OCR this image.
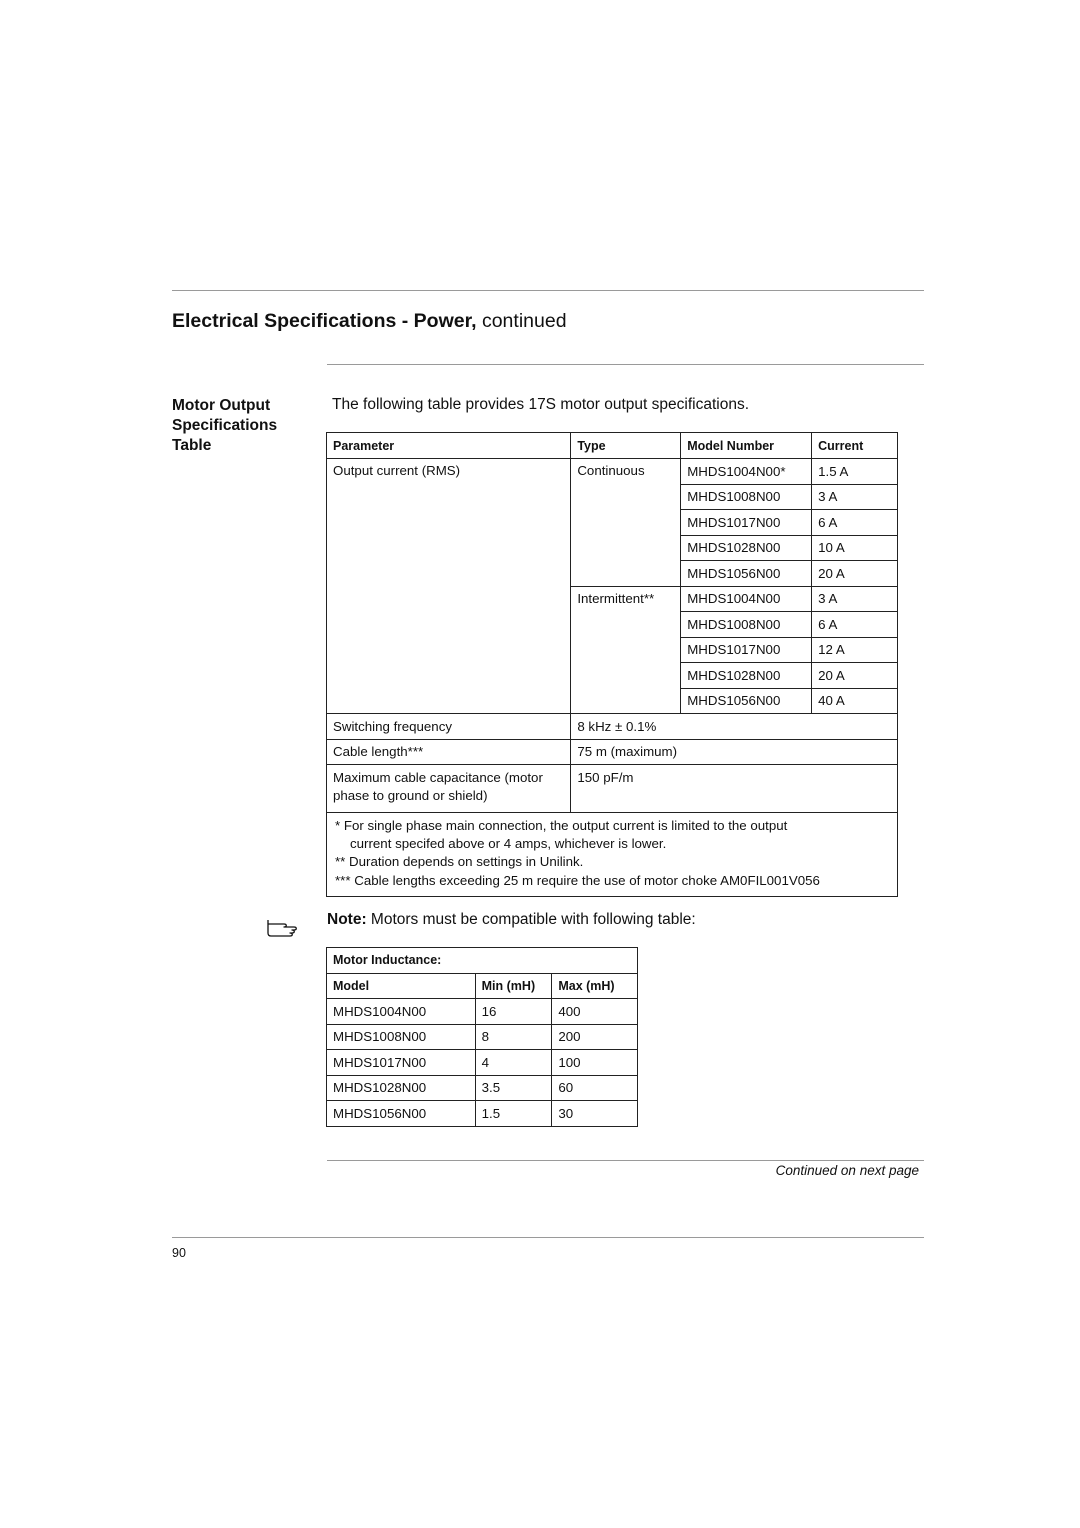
Electrical Specifications - Power, continued
Motor Output
Specifications
Table
The following table provides 17S motor output specifications.
Parameter	Type	Model Number	Current
Output current (RMS)	Continuous	MHDS1004N00*	1.5 A
		MHDS1008N00	3 A
		MHDS1017N00	6 A
		MHDS1028N00	10 A
		MHDS1056N00	20 A
	Intermittent**	MHDS1004N00	3 A
		MHDS1008N00	6 A
		MHDS1017N00	12 A
		MHDS1028N00	20 A
		MHDS1056N00	40 A
Switching frequency	8 kHz ± 0.1%		
Cable length***	75 m (maximum)		

Maximum cable capacitance (motor
phase to ground or shield)	150 pF/m		

* For single phase main connection, the output current is limited to the output
current specifed above or 4 amps, whichever is lower.
** Duration depends on settings in Unilink.
*** Cable lengths exceeding 25 m require the use of motor choke AM0FIL001V056			
Note: Motors must be compatible with following table:
Motor Inductance:		
Model	Min (mH)	Max (mH)
MHDS1004N00	16	400
MHDS1008N00	8	200
MHDS1017N00	4	100
MHDS1028N00	3.5	60
MHDS1056N00	1.5	30
Continued on next page
90
